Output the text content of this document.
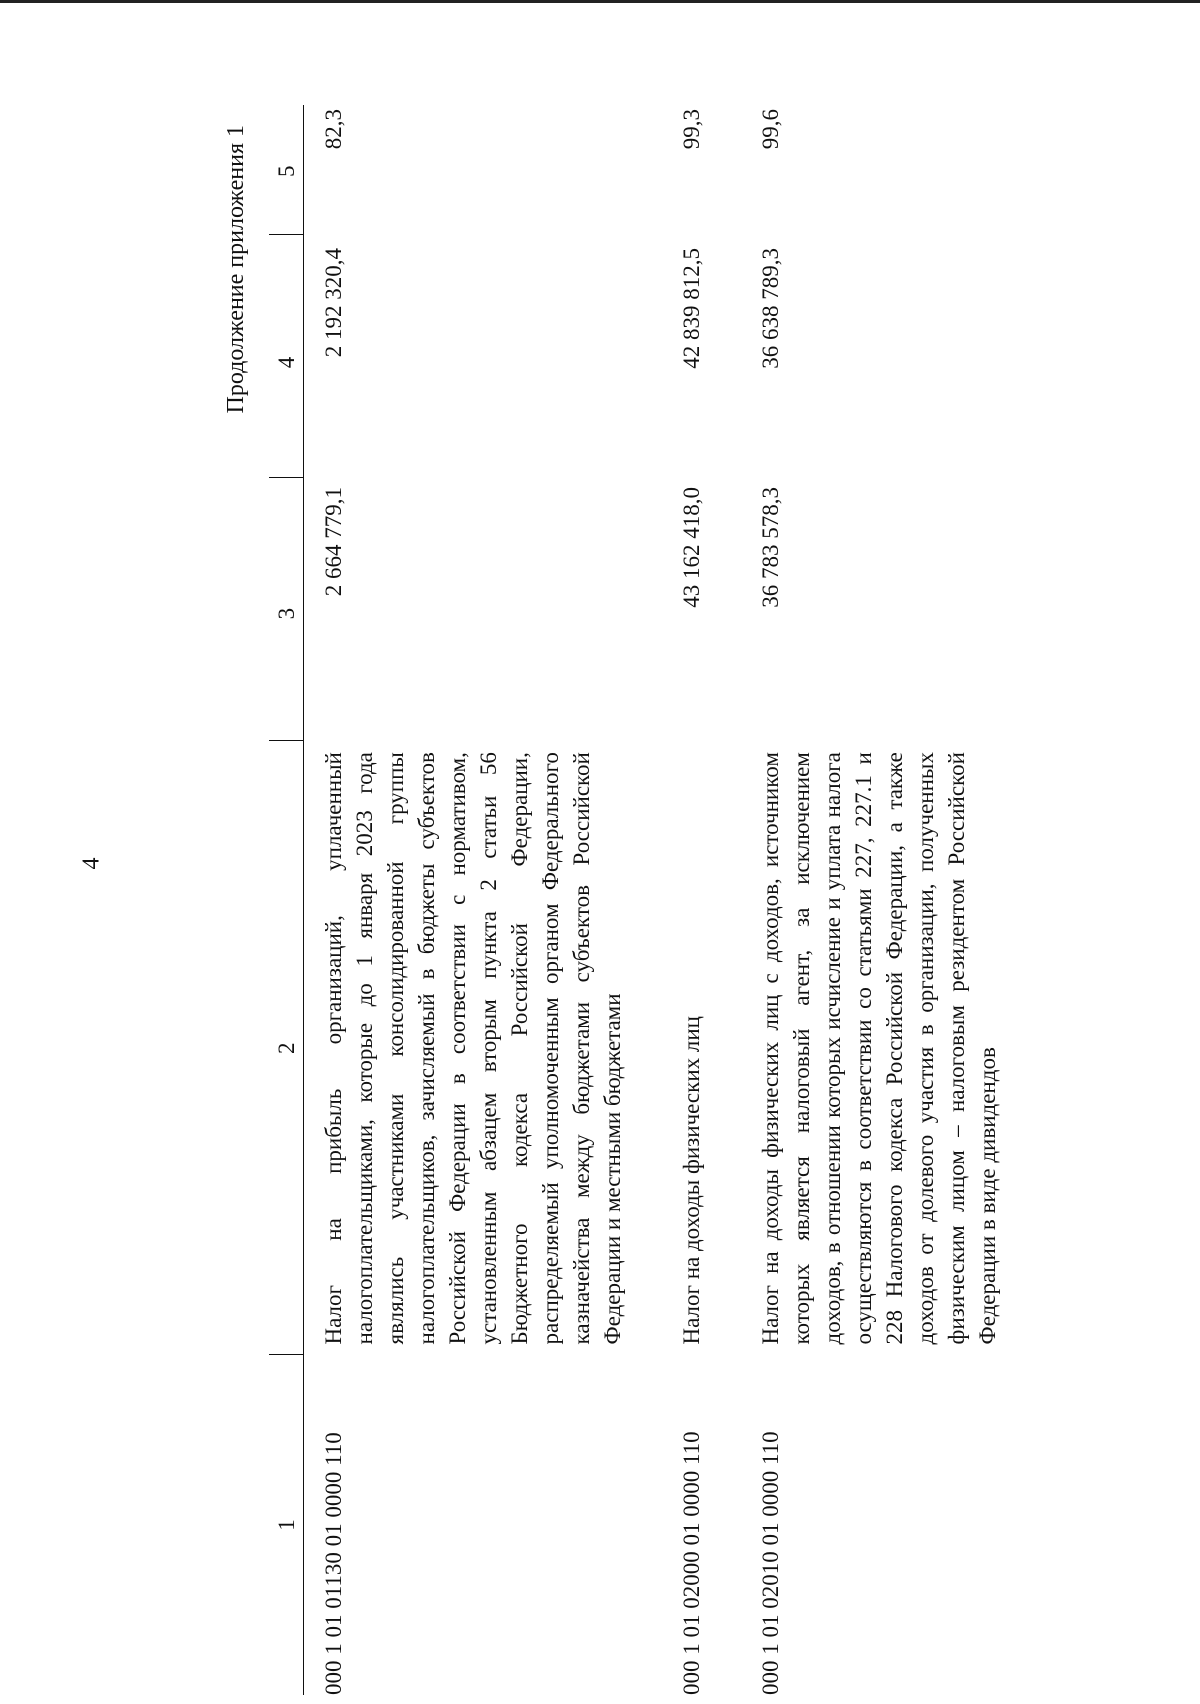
4
Продолжение приложения 1
1	2	3	4	5
000 1 01 01130 01 0000 110	Налог на прибыль организаций, уплаченный налогоплательщиками, которые до 1 января 2023 года являлись участниками консолидированной группы налогоплательщиков, зачисляемый в бюджеты субъектов Российской Федерации в соответствии с нормативом, установленным абзацем вторым пункта 2 статьи 56 Бюджетного кодекса Российской Федерации, распределяемый уполномоченным органом Федерального казначейства между бюджетами субъектов Российской Федерации и местными бюджетами	2 664 779,1	2 192 320,4	82,3

000 1 01 02000 01 0000 110	Налог на доходы физических лиц	43 162 418,0	42 839 812,5	99,3

000 1 01 02010 01 0000 110	Налог на доходы физических лиц с доходов, источником которых является налоговый агент, за исключением доходов, в отношении которых исчисление и уплата налога осуществляются в соответствии со статьями 227, 227.1 и 228 Налогового кодекса Российской Федерации, а также доходов от долевого участия в организации, полученных физическим лицом – налоговым резидентом Российской Федерации в виде дивидендов	36 783 578,3	36 638 789,3	99,6
